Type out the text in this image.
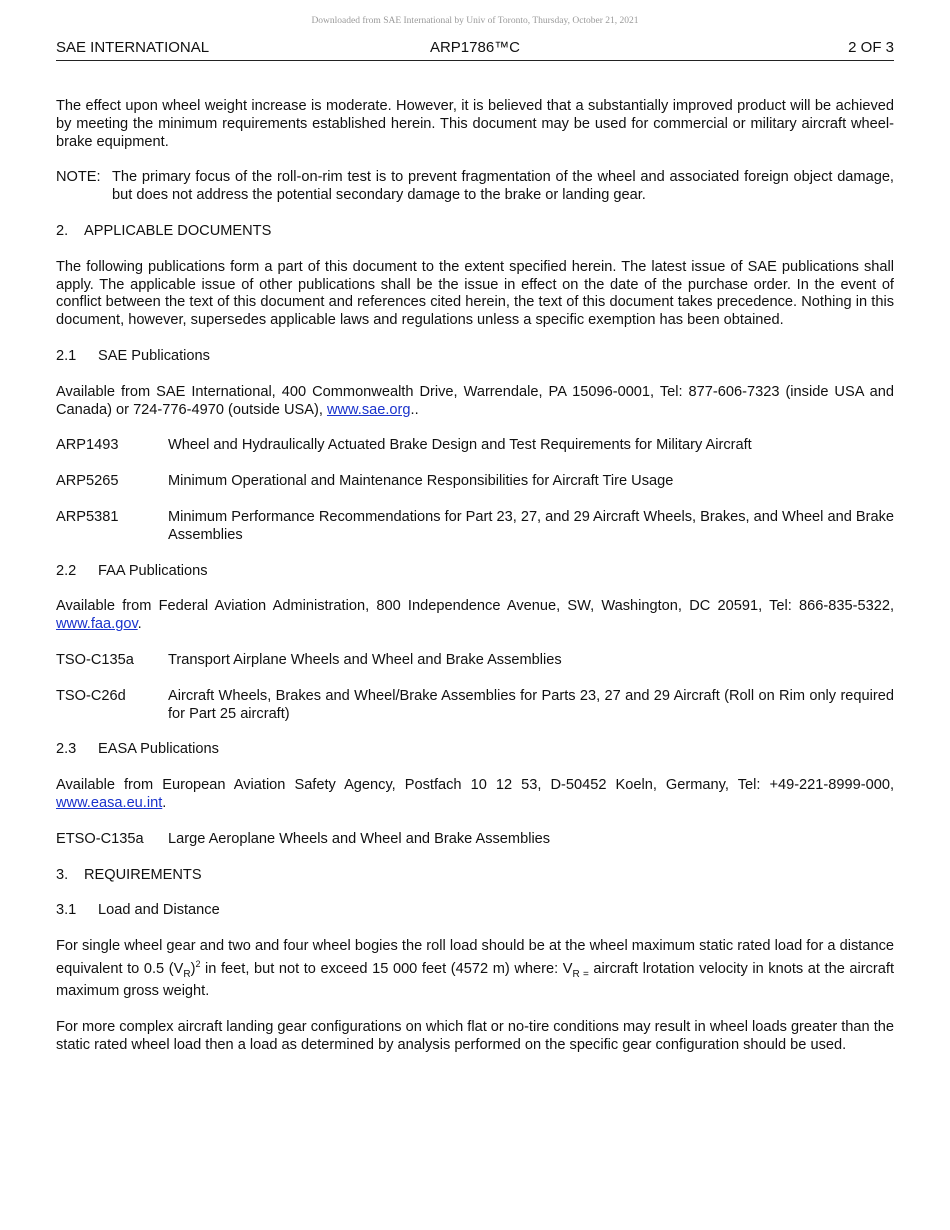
Downloaded from SAE International by Univ of Toronto, Thursday, October 21, 2021
SAE INTERNATIONAL	ARP1786™C	2 OF 3

The effect upon wheel weight increase is moderate. However, it is believed that a substantially improved product will be achieved by meeting the minimum requirements established herein. This document may be used for commercial or military aircraft wheel-brake equipment.

NOTE: The primary focus of the roll-on-rim test is to prevent fragmentation of the wheel and associated foreign object damage, but does not address the potential secondary damage to the brake or landing gear.
2. APPLICABLE DOCUMENTS

The following publications form a part of this document to the extent specified herein. The latest issue of SAE publications shall apply. The applicable issue of other publications shall be the issue in effect on the date of the purchase order. In the event of conflict between the text of this document and references cited herein, the text of this document takes precedence. Nothing in this document, however, supersedes applicable laws and regulations unless a specific exemption has been obtained.

2.1 SAE Publications

Available from SAE International, 400 Commonwealth Drive, Warrendale, PA 15096-0001, Tel: 877-606-7323 (inside USA and Canada) or 724-776-4970 (outside USA), www.sae.org..

ARP1493	Wheel and Hydraulically Actuated Brake Design and Test Requirements for Military Aircraft
ARP5265	Minimum Operational and Maintenance Responsibilities for Aircraft Tire Usage
ARP5381	Minimum Performance Recommendations for Part 23, 27, and 29 Aircraft Wheels, Brakes, and Wheel and Brake Assemblies
2.2 FAA Publications

Available from Federal Aviation Administration, 800 Independence Avenue, SW, Washington, DC 20591, Tel: 866-835-5322, www.faa.gov.

TSO-C135a	Transport Airplane Wheels and Wheel and Brake Assemblies
TSO-C26d	Aircraft Wheels, Brakes and Wheel/Brake Assemblies for Parts 23, 27 and 29 Aircraft (Roll on Rim only required for Part 25 aircraft)
2.3 EASA Publications

Available from European Aviation Safety Agency, Postfach 10 12 53, D-50452 Koeln, Germany, Tel: +49-221-8999-000, www.easa.eu.int.

ETSO-C135a	Large Aeroplane Wheels and Wheel and Brake Assemblies
3. REQUIREMENTS
3.1 Load and Distance

For single wheel gear and two and four wheel bogies the roll load should be at the wheel maximum static rated load for a distance equivalent to 0.5 $(V_R)^2$ in feet, but not to exceed 15 000 feet (4572 m) where: $V_{R =}$ aircraft lrotation velocity in knots at the aircraft maximum gross weight.

For more complex aircraft landing gear configurations on which flat or no-tire conditions may result in wheel loads greater than the static rated wheel load then a load as determined by analysis performed on the specific gear configuration should be used.
